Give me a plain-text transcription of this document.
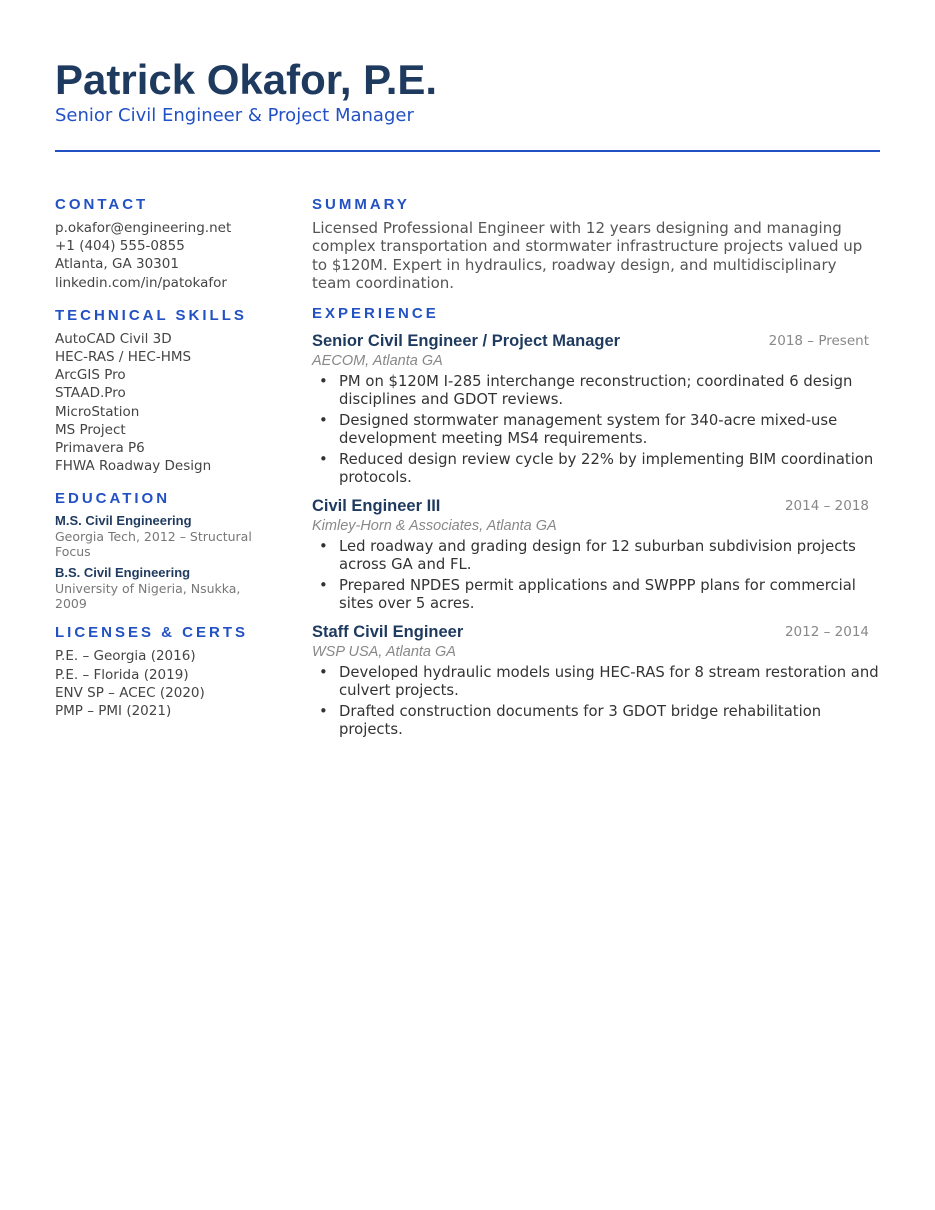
Patrick Okafor, P.E.
Senior Civil Engineer & Project Manager
CONTACT
p.okafor@engineering.net
+1 (404) 555-0855
Atlanta, GA 30301
linkedin.com/in/patokafor
TECHNICAL SKILLS
AutoCAD Civil 3D
HEC-RAS / HEC-HMS
ArcGIS Pro
STAAD.Pro
MicroStation
MS Project
Primavera P6
FHWA Roadway Design
EDUCATION
M.S. Civil Engineering
Georgia Tech, 2012 – Structural Focus
B.S. Civil Engineering
University of Nigeria, Nsukka, 2009
LICENSES & CERTS
P.E. – Georgia (2016)
P.E. – Florida (2019)
ENV SP – ACEC (2020)
PMP – PMI (2021)
SUMMARY

Licensed Professional Engineer with 12 years designing and managing complex transportation and stormwater infrastructure projects valued up to $120M. Expert in hydraulics, roadway design, and multidisciplinary team coordination.

EXPERIENCE
Senior Civil Engineer / Project Manager	2018 – Present
AECOM, Atlanta GA
• PM on $120M I-285 interchange reconstruction; coordinated 6 design disciplines and GDOT reviews.
• Designed stormwater management system for 340-acre mixed-use development meeting MS4 requirements.
• Reduced design review cycle by 22% by implementing BIM coordination protocols.
Civil Engineer III	2014 – 2018
Kimley-Horn & Associates, Atlanta GA
• Led roadway and grading design for 12 suburban subdivision projects across GA and FL.
• Prepared NPDES permit applications and SWPPP plans for commercial sites over 5 acres.
Staff Civil Engineer	2012 – 2014
WSP USA, Atlanta GA
• Developed hydraulic models using HEC-RAS for 8 stream restoration and culvert projects.
• Drafted construction documents for 3 GDOT bridge rehabilitation projects.
